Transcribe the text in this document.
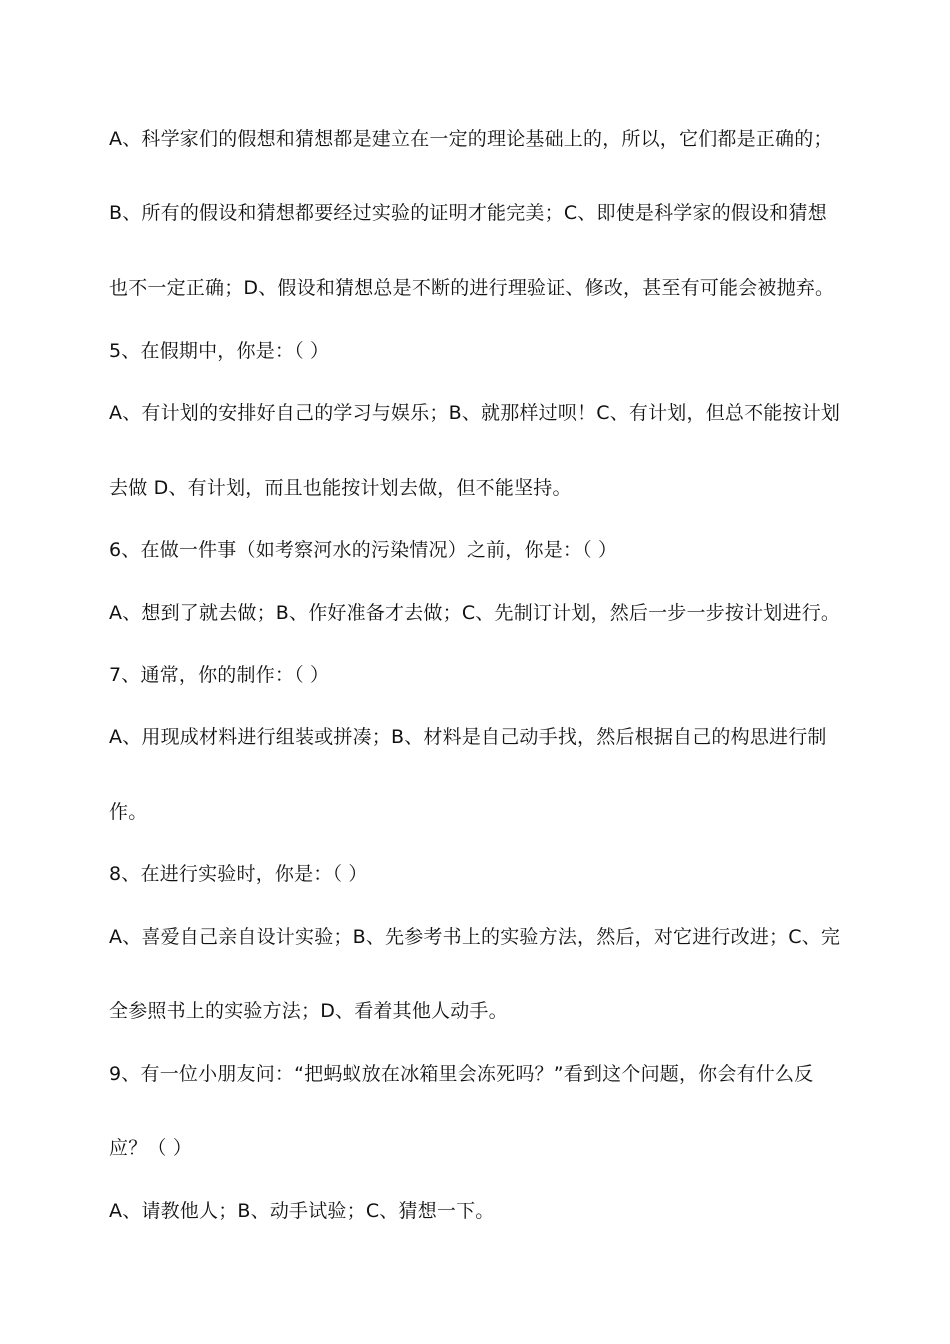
A、科学家们的假想和猜想都是建立在一定的理论基础上的，所以，它们都是正确的；

B、所有的假设和猜想都要经过实验的证明才能完美；C、即使是科学家的假设和猜想

也不一定正确；D、假设和猜想总是不断的进行理验证、修改，甚至有可能会被抛弃。

5、在假期中，你是：（ ）

A、有计划的安排好自己的学习与娱乐；B、就那样过呗！C、有计划，但总不能按计划

去做 D、有计划，而且也能按计划去做，但不能坚持。

6、在做一件事（如考察河水的污染情况）之前，你是：（ ）

A、想到了就去做；B、作好准备才去做；C、先制订计划，然后一步一步按计划进行。

7、通常，你的制作：（ ）

A、用现成材料进行组装或拼凑；B、材料是自己动手找，然后根据自己的构思进行制

作。

8、在进行实验时，你是：（ ）

A、喜爱自己亲自设计实验；B、先参考书上的实验方法，然后，对它进行改进；C、完

全参照书上的实验方法；D、看着其他人动手。

9、有一位小朋友问：“把蚂蚁放在冰箱里会冻死吗？”看到这个问题，你会有什么反

应？（ ）

A、请教他人；B、动手试验；C、猜想一下。
